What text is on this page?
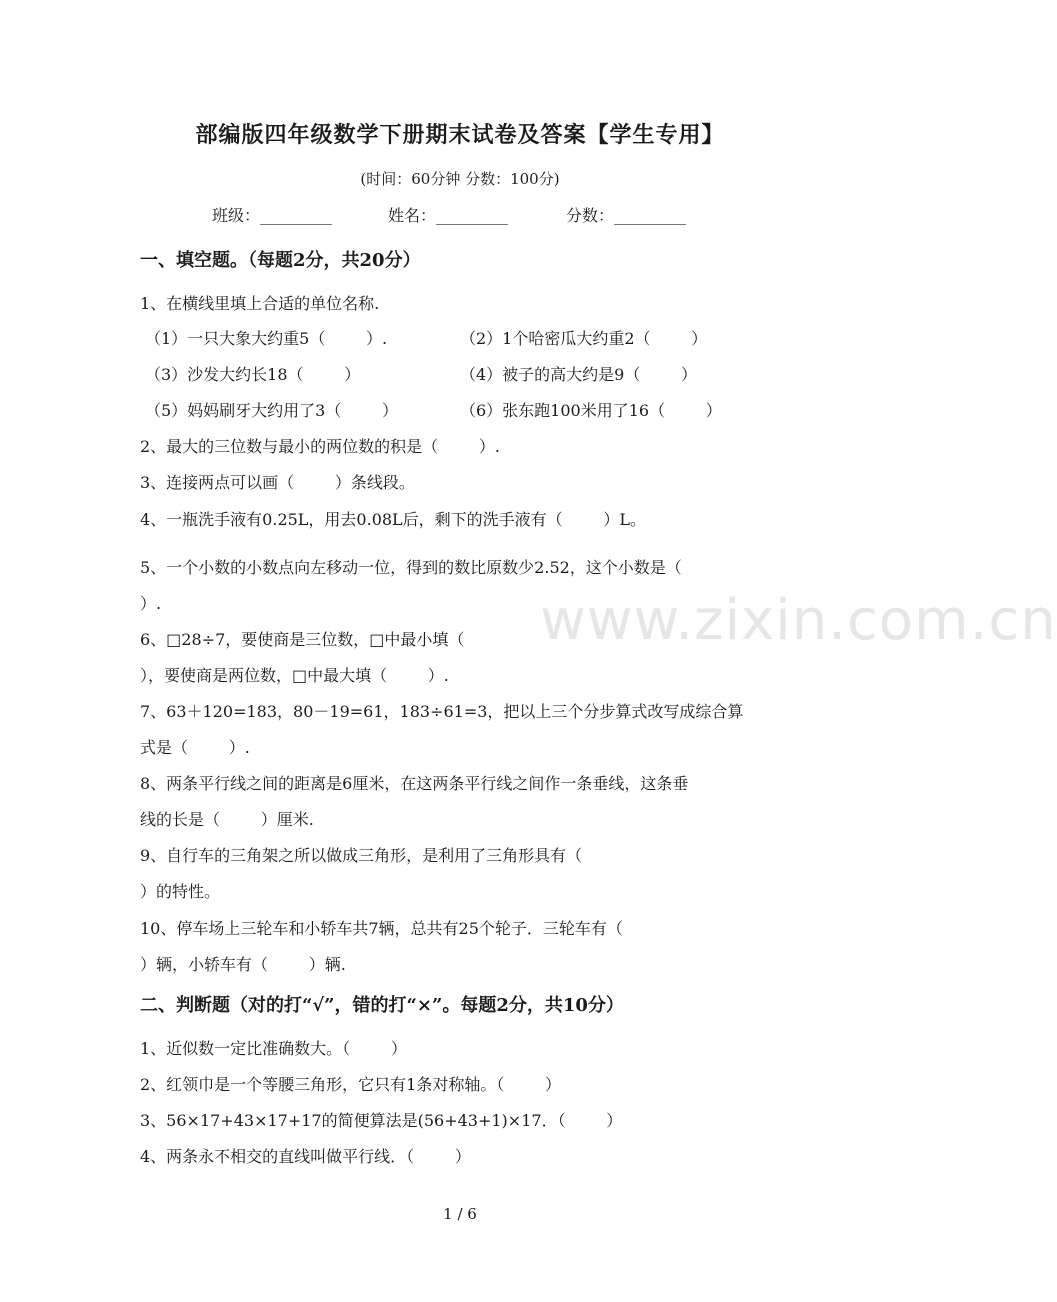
www.zixin.com.cn
部编版四年级数学下册期末试卷及答案【学生专用】
(时间：60分钟 分数：100分)
班级：_________	姓名：_________	分数：_________
一、填空题。（每题2分，共20分）
1、在横线里填上合适的单位名称.
（1）一只大象大约重5（        ）.	（2）1个哈密瓜大约重2（        ）
（3）沙发大约长18（        ）	（4）被子的高大约是9（        ）
（5）妈妈刷牙大约用了3（        ）	（6）张东跑100米用了16（        ）
2、最大的三位数与最小的两位数的积是（        ）.
3、连接两点可以画（        ）条线段。
4、一瓶洗手液有0.25L，用去0.08L后，剩下的洗手液有（        ）L。
5、一个小数的小数点向左移动一位，得到的数比原数少2.52，这个小数是（
）.
6、□28÷7，要使商是三位数，□中最小填（
），要使商是两位数，□中最大填（        ）.
7、63＋120=183，80－19=61，183÷61=3，把以上三个分步算式改写成综合算
式是（        ）.
8、两条平行线之间的距离是6厘米，在这两条平行线之间作一条垂线，这条垂
线的长是（        ）厘米.
9、自行车的三角架之所以做成三角形，是利用了三角形具有（
）的特性。
10、停车场上三轮车和小轿车共7辆，总共有25个轮子．三轮车有（
）辆，小轿车有（        ）辆.
二、判断题（对的打“√”，错的打“×”。每题2分，共10分）
1、近似数一定比准确数大。（        ）
2、红领巾是一个等腰三角形，它只有1条对称轴。（        ）
3、56×17+43×17+17的简便算法是(56+43+1)×17．（        ）
4、两条永不相交的直线叫做平行线．（        ）
1 / 6
